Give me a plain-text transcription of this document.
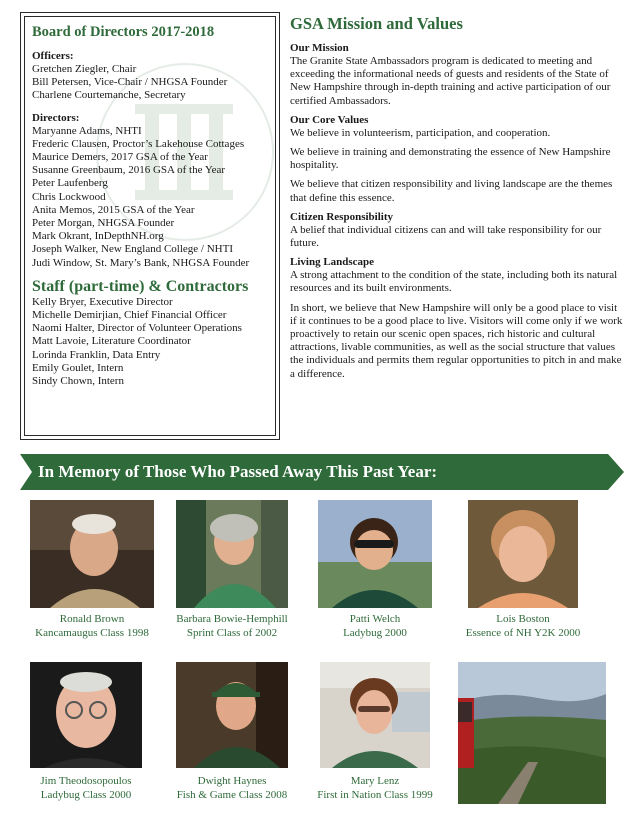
Board of Directors 2017-2018
Officers:
Gretchen Ziegler, Chair
Bill Petersen, Vice-Chair / NHGSA Founder
Charlene Courtemanche, Secretary
Directors:
Maryanne Adams, NHTI
Frederic Clausen, Proctor’s Lakehouse Cottages
Maurice Demers, 2017 GSA of the Year
Susanne Greenbaum, 2016 GSA of the Year
Peter Laufenberg
Chris Lockwood
Anita Memos, 2015 GSA of the Year
Peter Morgan, NHGSA Founder
Mark Okrant, InDepthNH.org
Joseph Walker, New England College / NHTI
Judi Window, St. Mary’s Bank, NHGSA Founder
Staff (part-time) & Contractors
Kelly Bryer, Executive Director
Michelle Demirjian, Chief Financial Officer
Naomi Halter, Director of Volunteer Operations
Matt Lavoie, Literature Coordinator
Lorinda Franklin, Data Entry
Emily Goulet, Intern
Sindy Chown, Intern
GSA Mission and Values
Our Mission

The Granite State Ambassadors program is dedicated to meeting and exceeding the informational needs of guests and residents of the State of New Hampshire through in-depth training and active participation of our certified Ambassadors.

Our Core Values

We believe in volunteerism, participation, and cooperation.

We believe in training and demonstrating the essence of New Hampshire hospitality.

We believe that citizen responsibility and living landscape are the themes that define this essence.

Citizen Responsibility

A belief that individual citizens can and will take responsibility for our future.

Living Landscape

A strong attachment to the condition of the state, including both its natural resources and its built environments.

In short, we believe that New Hampshire will only be a good place to visit if it continues to be a good place to live. Visitors will come only if we work proactively to retain our scenic open spaces, rich historic and cultural attractions, livable communities, as well as the social structure that values the individuals and permits them regular opportunities to pitch in and make a difference.

In Memory of Those Who Passed Away This Past Year:
Ronald Brown
Kancamaugus Class 1998
Barbara Bowie-Hemphill
Sprint Class of 2002
Patti Welch
Ladybug 2000
Lois Boston
Essence of NH Y2K 2000
Jim Theodosopoulos
Ladybug Class 2000
Dwight Haynes
Fish & Game Class 2008
Mary Lenz
First in Nation Class 1999
